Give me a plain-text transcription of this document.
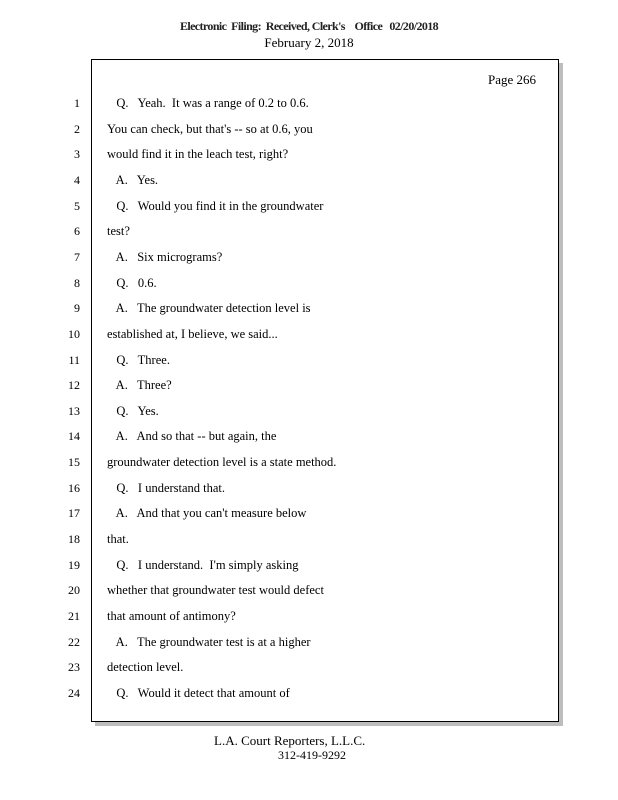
Electronic  Filing:  Received, Clerk's    Office   02/20/2018
February 2, 2018
Page 266
1 Q.   Yeah.  It was a range of 0.2 to 0.6.
2 You can check, but that's -- so at 0.6, you
3 would find it in the leach test, right?
4 A.   Yes.
5 Q.   Would you find it in the groundwater
6 test?
7 A.   Six micrograms?
8 Q.   0.6.
9 A.   The groundwater detection level is
10 established at, I believe, we said...
11 Q.   Three.
12 A.   Three?
13 Q.   Yes.
14 A.   And so that -- but again, the
15 groundwater detection level is a state method.
16 Q.   I understand that.
17 A.   And that you can't measure below
18 that.
19 Q.   I understand.  I'm simply asking
20 whether that groundwater test would defect
21 that amount of antimony?
22 A.   The groundwater test is at a higher
23 detection level.
24 Q.   Would it detect that amount of
L.A. Court Reporters, L.L.C.
312-419-9292
